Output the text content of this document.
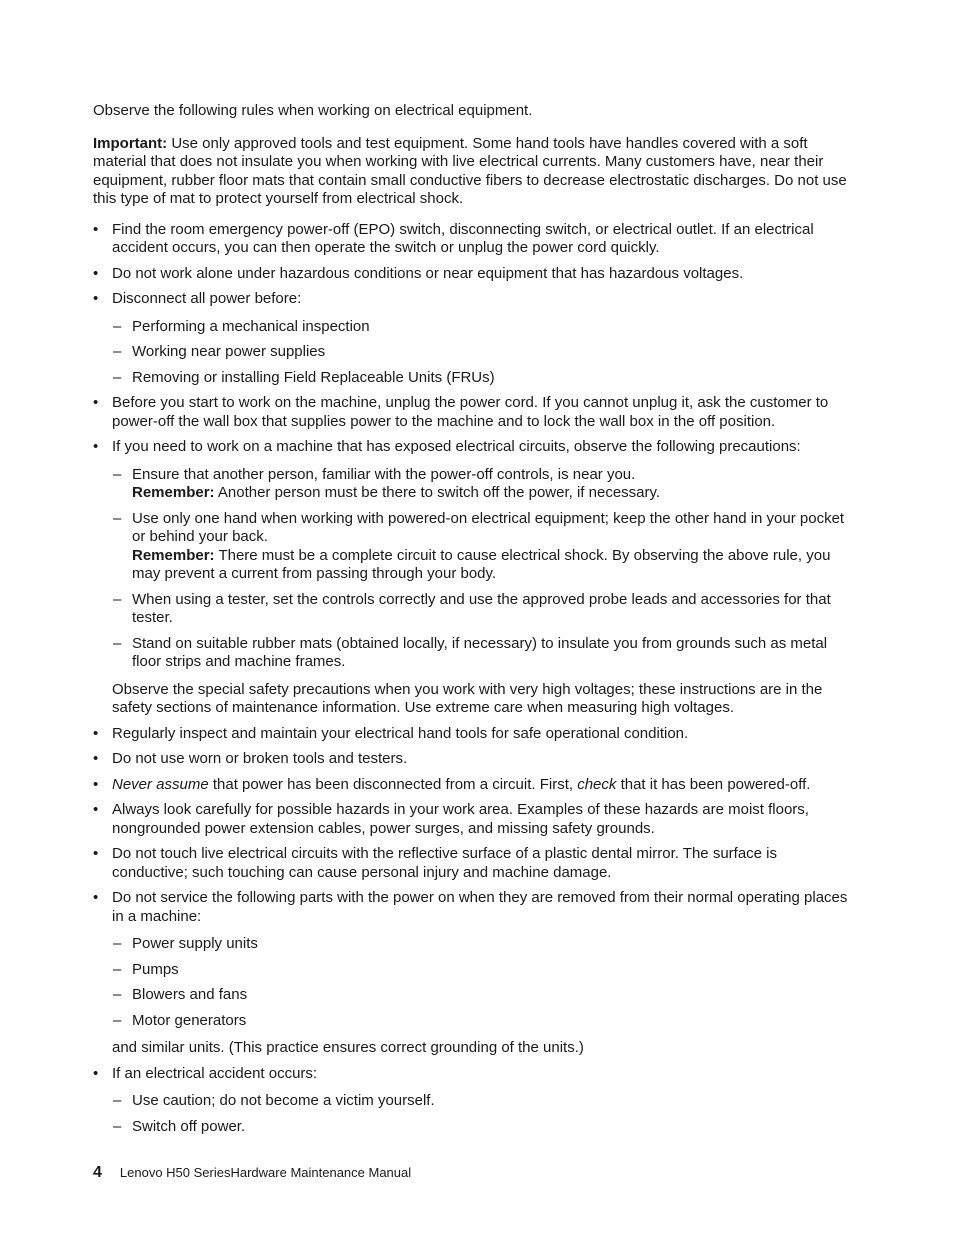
Observe the following rules when working on electrical equipment.

Important: Use only approved tools and test equipment. Some hand tools have handles covered with a soft material that does not insulate you when working with live electrical currents. Many customers have, near their equipment, rubber floor mats that contain small conductive fibers to decrease electrostatic discharges. Do not use this type of mat to protect yourself from electrical shock.

• Find the room emergency power-off (EPO) switch, disconnecting switch, or electrical outlet. If an electrical accident occurs, you can then operate the switch or unplug the power cord quickly.
• Do not work alone under hazardous conditions or near equipment that has hazardous voltages.
• Disconnect all power before:
– Performing a mechanical inspection
– Working near power supplies
– Removing or installing Field Replaceable Units (FRUs)
• Before you start to work on the machine, unplug the power cord. If you cannot unplug it, ask the customer to power-off the wall box that supplies power to the machine and to lock the wall box in the off position.
• If you need to work on a machine that has exposed electrical circuits, observe the following precautions:
– Ensure that another person, familiar with the power-off controls, is near you.
Remember: Another person must be there to switch off the power, if necessary.
– Use only one hand when working with powered-on electrical equipment; keep the other hand in your pocket or behind your back.
Remember: There must be a complete circuit to cause electrical shock. By observing the above rule, you may prevent a current from passing through your body.
– When using a tester, set the controls correctly and use the approved probe leads and accessories for that tester.
– Stand on suitable rubber mats (obtained locally, if necessary) to insulate you from grounds such as metal floor strips and machine frames.

Observe the special safety precautions when you work with very high voltages; these instructions are in the safety sections of maintenance information. Use extreme care when measuring high voltages.

• Regularly inspect and maintain your electrical hand tools for safe operational condition.
• Do not use worn or broken tools and testers.
• Never assume that power has been disconnected from a circuit. First, check that it has been powered-off.
• Always look carefully for possible hazards in your work area. Examples of these hazards are moist floors, nongrounded power extension cables, power surges, and missing safety grounds.
• Do not touch live electrical circuits with the reflective surface of a plastic dental mirror. The surface is conductive; such touching can cause personal injury and machine damage.
• Do not service the following parts with the power on when they are removed from their normal operating places in a machine:
– Power supply units
– Pumps
– Blowers and fans
– Motor generators

and similar units. (This practice ensures correct grounding of the units.)

• If an electrical accident occurs:
– Use caution; do not become a victim yourself.
– Switch off power.
4 Lenovo H50 SeriesHardware Maintenance Manual
